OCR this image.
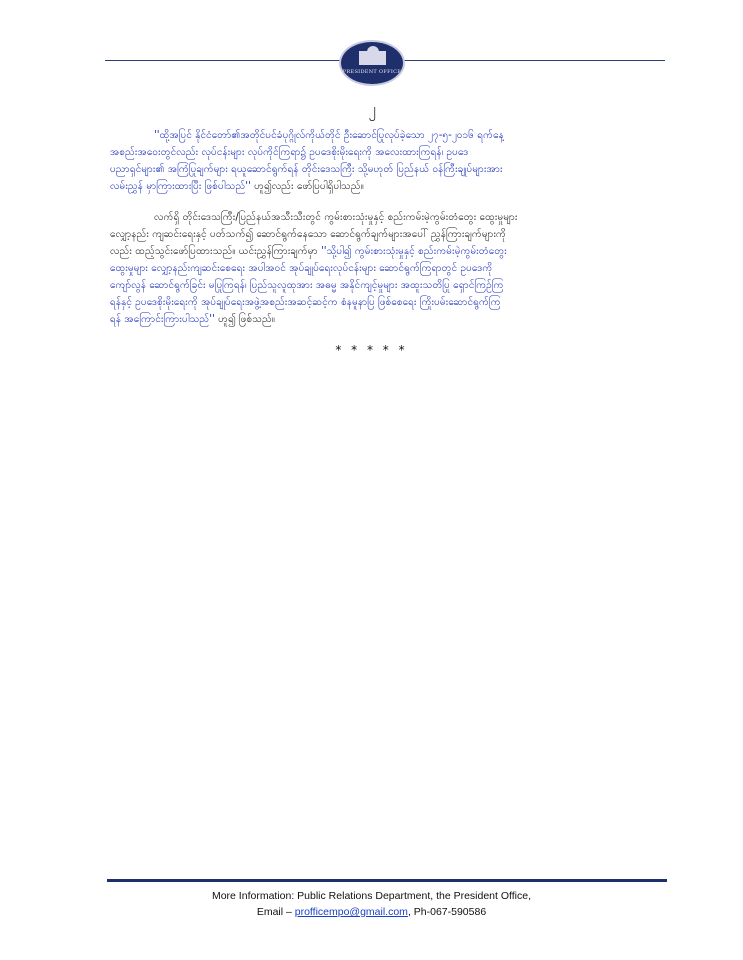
PRESIDENT OFFICE
၂
''ထို့အပြင် နိုင်ငံတော်၏အတိုင်ပင်ခံပုဂ္ဂိုလ်ကိုယ်တိုင် ဦးဆောင်ပြုလုပ်ခဲ့သော ၂၇-၅-၂၀၁၆ ရက်နေ့
အစည်းအဝေးတွင်လည်း လုပ်ငန်းများ လုပ်ကိုင်ကြရာ၌ ဥပဒေစိုးမိုးရေးကို အလေးထားကြရန်၊ ဥပဒေ
ပညာရှင်များ၏ အကြံပြုချက်များ ရယူဆောင်ရွက်ရန် တိုင်းဒေသကြီး သို့မဟုတ် ပြည်နယ် ဝန်ကြီးချုပ်များအား
လမ်းညွှန် မှာကြားထားပြီး ဖြစ်ပါသည်'' ဟူ၍လည်း ဖော်ပြပါရှိပါသည်။
လက်ရှိ တိုင်းဒေသကြီး/ပြည်နယ်အသီးသီးတွင် ကွမ်းစားသုံးမှုနှင့် စည်းကမ်းမဲ့ကွမ်းတံတွေး ထွေးမှုများ
လျှော့နည်း ကျဆင်းရေးနှင့် ပတ်သက်၍ ဆောင်ရွက်နေသော ဆောင်ရွက်ချက်များအပေါ် ညွှန်ကြားချက်များကို
လည်း ထည့်သွင်းဖော်ပြထားသည်။ ယင်းညွှန်ကြားချက်မှာ ''သို့ပါ၍ ကွမ်းစားသုံးမှုနှင့် စည်းကမ်းမဲ့ကွမ်းတံတွေး
ထွေးမှုများ လျှော့နည်းကျဆင်းစေရေး အပါအဝင် အုပ်ချုပ်ရေးလုပ်ငန်းများ ဆောင်ရွက်ကြရာတွင် ဥပဒေကို
ကျော်လွန် ဆောင်ရွက်ခြင်း မပြုကြရန်၊ ပြည်သူလူထုအား အဓမ္မ အနိုင်ကျင့်မှုများ အထူးသတိပြု ရှောင်ကြဉ်ကြ
ရန်နှင့် ဥပဒေစိုးမိုးရေးကို အုပ်ချုပ်ရေးအဖွဲ့အစည်းအဆင့်ဆင့်က စံနမူနာပြ ဖြစ်စေရေး ကြိုးပမ်းဆောင်ရွက်ကြ
ရန် အကြောင်းကြားပါသည်'' ဟူ၍ ဖြစ်သည်။
* * * * *
More Information: Public Relations Department, the President Office,
Email – profficempo@gmail.com, Ph-067-590586
